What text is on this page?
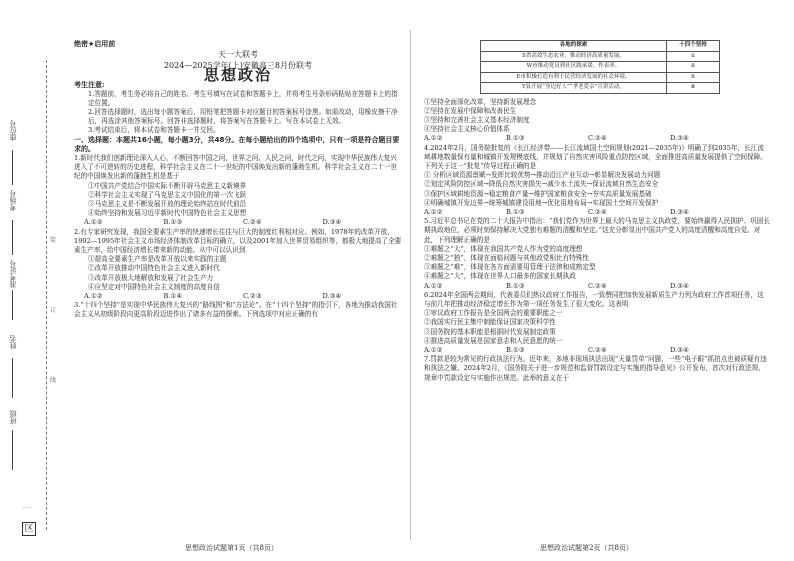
座位号
考场号
准考证号
姓名
班级
装
订
线
· · ·
区

绝密★启用前

天一大联考

2024—2025学年(上)安徽高三8月份联考

思想政治

考生注意:

1.答题前，考生务必将自己的姓名、考生号填写在试卷和答题卡上，并将考生号条形码粘贴在答题卡上的指定位置。

2.回答选择题时，选出每小题答案后，用铅笔把答题卡对应题目的答案标号涂黑。如需改动，用橡皮擦干净后，再选涂其他答案标号。回答非选择题时，将答案写在答题卡上。写在本试卷上无效。

3.考试结束后，将本试卷和答题卡一并交回。

一、选择题：本题共16小题，每小题3分，共48分。在每小题给出的四个选项中，只有一项是符合题目要求的。

1.新时代我们创新理论深入人心，不断回答中国之问，世界之问、人民之问，时代之问，实现中华民族伟大复兴进入了不可逆转的历史进程，科学社会主义在二十一世纪的中国焕发出新的蓬勃生机。科学社会主义在二十一世纪的中国焕发出新的蓬勃生机是基于

①中国共产党结合中国实际不断开辟马克思主义新境界

②科学社会主义实现了马克思主义中国化的第一次飞跃

③马克思主义是不断发展开放的理论始终站在时代前沿

④始终坚持和发展习近平新时代中国特色社会主义思想

A.①②	B.①③	C.②④	D.③④

2.有专家研究发现，我国全要素生产率的快速增长往往与巨大的制度红利相对应。例如，1978年的改革开放，1992—1995年社会主义市场经济体制改革目标的确立，以及2001年加入世界贸易组织等，都极大地提高了全要素生产率，给中国经济增长带来新的动能。从中可以认识到

①提高全要素生产率是改革开放以来实践的主题

②改革开放推动中国特色社会主义进入新时代

③改革开放极大地解放和发展了社会生产力

④应坚定对中国特色社会主义制度的高度自信

A.①②	B.①④	C.②③	D.③④

3.“十四个坚持”是实现中华民族伟大复兴的“路线图”和“方法论”。在“十四个坚持”的指引下，各地为推动我国社会主义从初级阶段向更高阶段迈进作出了诸多有益的探索。下列选项中对应正确的有

各地的探索	十四个坚持
S省高效生态农业，推动经济高质量发展。	①
W市推动党员到社区践承诺、作表率。	②
E市积极打造有利于民营经济发展的社会环境。	⑤
Y县开展“身边好人”“孝老爱亲”宣讲活动。	⑧

①坚持全面深化改革，坚持新发展理念

②坚持在发展中保障和改善民生

③坚持和完善社会主义基本经济制度

④坚持社会主义核心价值体系

A.①②	B.①③	C.②④	D.③④

4.2024年2月，国务院批复的《长江经济带——长江流域国土空间规划(2021—2035年)》明确了到2035年，长江流域耕地数量保有量和城镇开发规模底线，并规划了自然灾害风险重点防控区域，全面推进高质量发展提供了空间保障。下列关于这一“批复”传导过程正确的是

① 分析区域资源禀赋→发挥比较优势→推动沿江产业互动→彰显解决发展动力问题

②划定风险防控区域→降低自然灾害损失→减少水土流失→保证流域自然生态安全

③保护区域耕地资源→稳定粮食产量→维护国家粮食安全→夯实高质量发展基础

④明确城镇开发边界→统筹城镇建设用地→优化用地布局→实现国土空间开发保护

A.①②	B.①③	C.②④	D.③④

5.习近平总书记在党的二十大报告中指出：“我们党作为世界上最大的马克思主义执政党，要始终赢得人民拥护、巩固长期执政地位，必须时刻保持解决大党独有难题的清醒和坚定。”这充分彰显出中国共产党人的高度清醒和高度自觉。对此，下列理解正确的是

①难题之“大”，体现在我国共产党人作为党的高度理想

②难题之“独”，体现在面临问题与其他政党相比有特殊性

③难题之“难”，体现在各方面需要用管理于法律和成熟定型

④难题之“大”，体现在世界人口最多的国家长期执政

A.①②	B.①③	C.②④	D.③④

6.2024年全国两会期间，代表委员们热议政府工作报告，一致赞同把加快发展新质生产力列为政府工作首项任务，这与前几年把推动经济稳定增长作为第一项任务发生了很大变化。这表明

①审议政府工作报告是全国两会的重要职能之一

②我国实行民主集中制能保证国家决策科学性

③国务院的基本职能是根据时代发展制定政策

④推进高质量发展是国家意志和人民意愿的统一

A.①②	B.①③	C.②④	D.③④

7.罚款是较为常见的行政执法行为。近年来，多地非现场执法出现“天量罚单”问题，一些“电子眼”抓拍点也被质疑有违和执法之嫌。2024年2月，《国务院关于进一步规范和监督罚款设定与实施的指导意见》公开发布，首次对行政法规、规章中罚款设定与实施作出规范。此举的意义在于

思想政治试题第1页（共8页）	思想政治试题第2页（共8页）
